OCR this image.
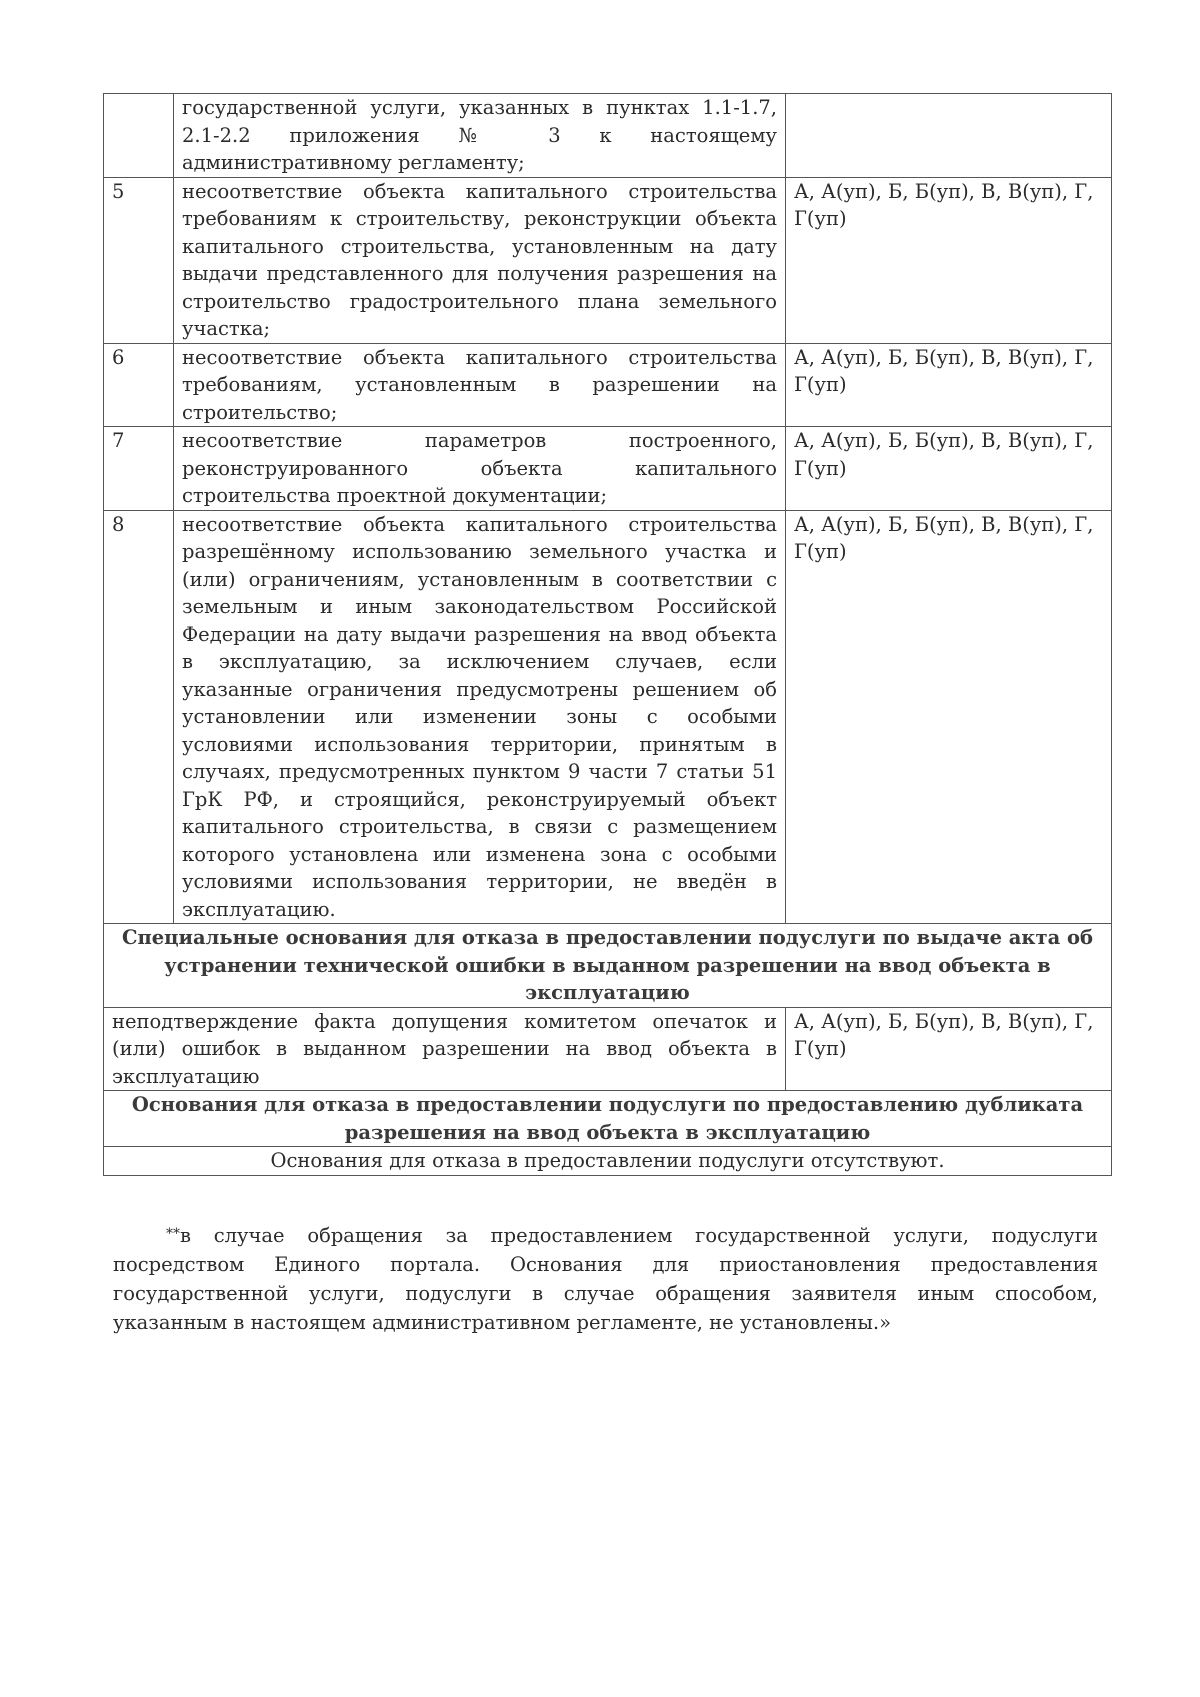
	государственной услуги, указанных в пунктах 1.1-1.7, 2.1-2.2 приложения № 3 к настоящему административному регламенту;	
5	несоответствие объекта капитального строительства требованиям к строительству, реконструкции объекта капитального строительства, установленным на дату выдачи представленного для получения разрешения на строительство градостроительного плана земельного участка;	А, А(уп), Б, Б(уп), В, В(уп), Г, Г(уп)
6	несоответствие объекта капитального строительства требованиям, установленным в разрешении на строительство;	А, А(уп), Б, Б(уп), В, В(уп), Г, Г(уп)
7	несоответствие параметров построенного, реконструированного объекта капитального строительства проектной документации;	А, А(уп), Б, Б(уп), В, В(уп), Г, Г(уп)
8	несоответствие объекта капитального строительства разрешённому использованию земельного участка и (или) ограничениям, установленным в соответствии с земельным и иным законодательством Российской Федерации на дату выдачи разрешения на ввод объекта в эксплуатацию, за исключением случаев, если указанные ограничения предусмотрены решением об установлении или изменении зоны с особыми условиями использования территории, принятым в случаях, предусмотренных пунктом 9 части 7 статьи 51 ГрК РФ, и строящийся, реконструируемый объект капитального строительства, в связи с размещением которого установлена или изменена зона с особыми условиями использования территории, не введён в эксплуатацию.	А, А(уп), Б, Б(уп), В, В(уп), Г, Г(уп)
Специальные основания для отказа в предоставлении подуслуги по выдаче акта об устранении технической ошибки в выданном разрешении на ввод объекта в эксплуатацию		
неподтверждение факта допущения комитетом опечаток и (или) ошибок в выданном разрешении на ввод объекта в эксплуатацию		А, А(уп), Б, Б(уп), В, В(уп), Г, Г(уп)
Основания для отказа в предоставлении подуслуги по предоставлению дубликата разрешения на ввод объекта в эксплуатацию		
Основания для отказа в предоставлении подуслуги отсутствуют.		

**в случае обращения за предоставлением государственной услуги, подуслуги посредством Единого портала. Основания для приостановления предоставления государственной услуги, подуслуги в случае обращения заявителя иным способом, указанным в настоящем административном регламенте, не установлены.»
